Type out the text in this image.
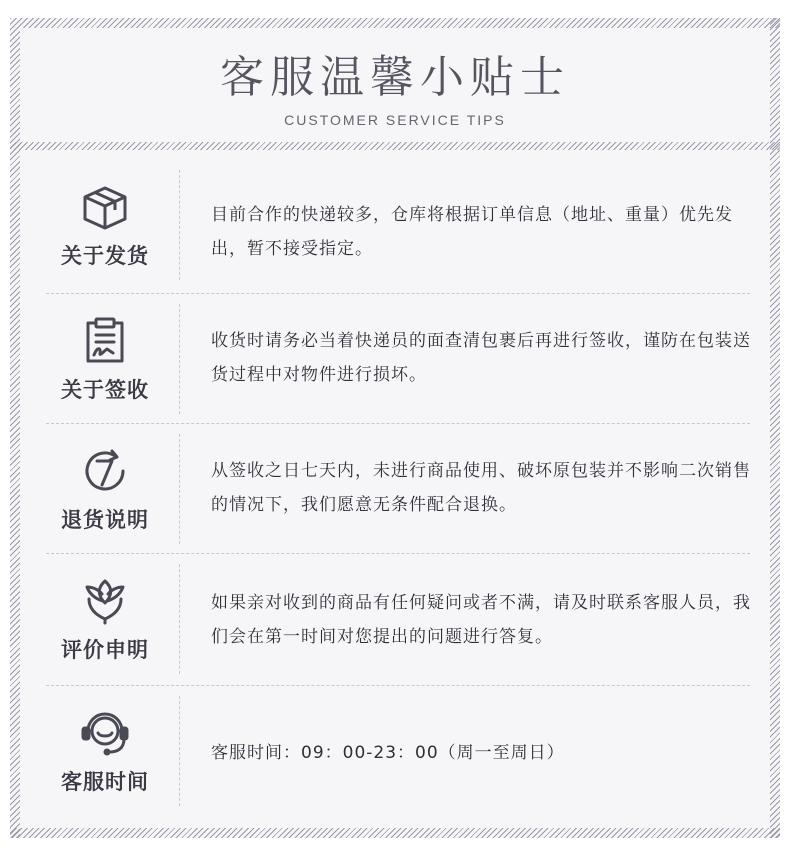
客服温馨小贴士
CUSTOMER SERVICE TIPS
关于发货
目前合作的快递较多，仓库将根据订单信息（地址、重量）优先发出，暂不接受指定。
关于签收
收货时请务必当着快递员的面查清包裹后再进行签收，谨防在包装送货过程中对物件进行损坏。
退货说明
从签收之日七天内，未进行商品使用、破坏原包装并不影响二次销售的情况下，我们愿意无条件配合退换。
评价申明
如果亲对收到的商品有任何疑问或者不满，请及时联系客服人员，我们会在第一时间对您提出的问题进行答复。
客服时间
客服时间：09：00-23：00（周一至周日）
